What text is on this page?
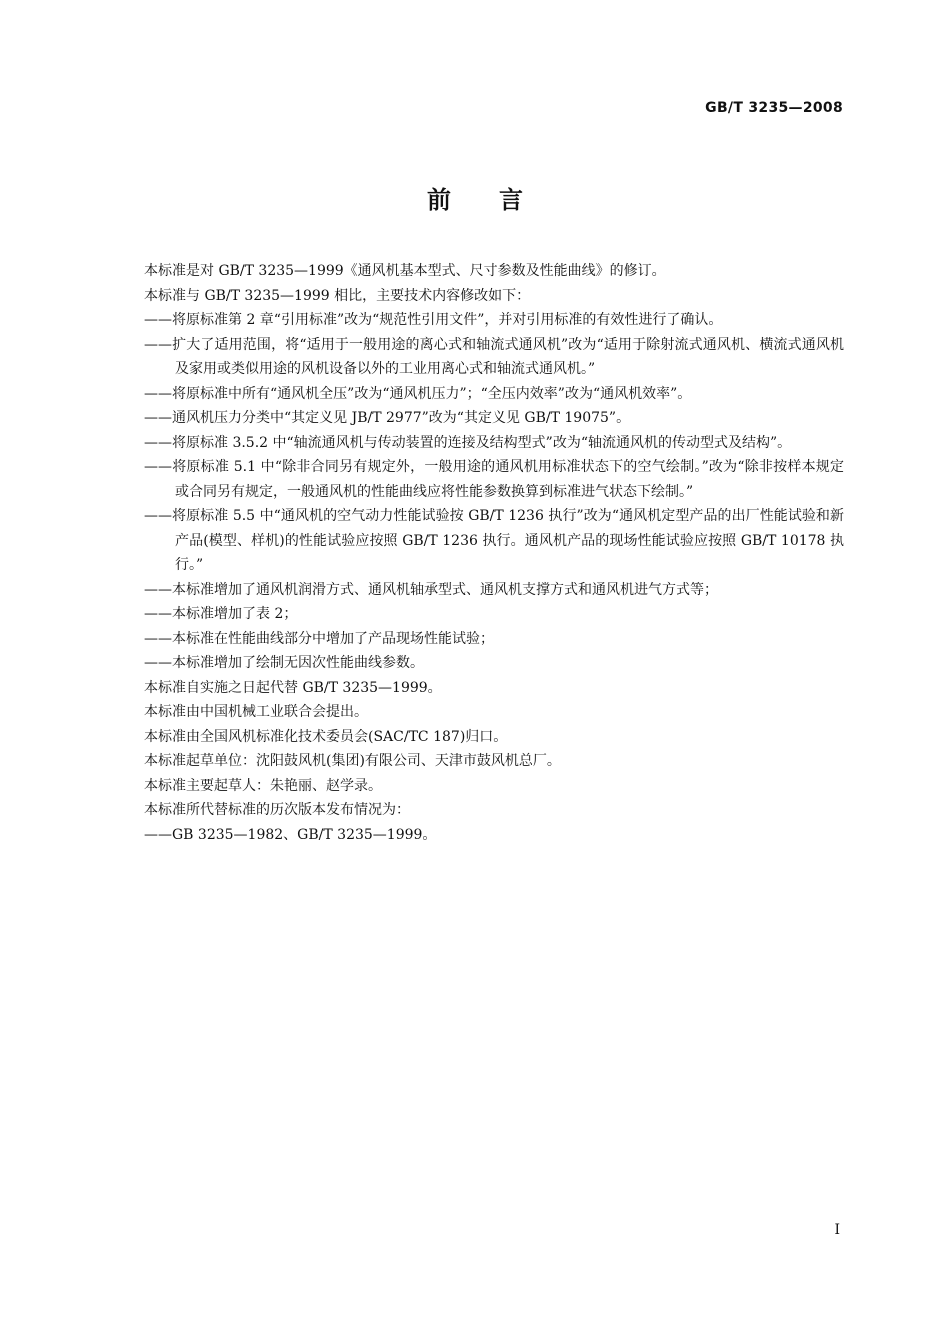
GB/T 3235—2008
前 言

本标准是对 GB/T 3235—1999《通风机基本型式、尺寸参数及性能曲线》的修订。

本标准与 GB/T 3235—1999 相比，主要技术内容修改如下：

——将原标准第 2 章“引用标准”改为“规范性引用文件”，并对引用标准的有效性进行了确认。

——扩大了适用范围，将“适用于一般用途的离心式和轴流式通风机”改为“适用于除射流式通风机、横流式通风机及家用或类似用途的风机设备以外的工业用离心式和轴流式通风机。”

——将原标准中所有“通风机全压”改为“通风机压力”；“全压内效率”改为“通风机效率”。

——通风机压力分类中“其定义见 JB/T 2977”改为“其定义见 GB/T 19075”。

——将原标准 3.5.2 中“轴流通风机与传动装置的连接及结构型式”改为“轴流通风机的传动型式及结构”。

——将原标准 5.1 中“除非合同另有规定外，一般用途的通风机用标准状态下的空气绘制。”改为“除非按样本规定或合同另有规定，一般通风机的性能曲线应将性能参数换算到标准进气状态下绘制。”

——将原标准 5.5 中“通风机的空气动力性能试验按 GB/T 1236 执行”改为“通风机定型产品的出厂性能试验和新产品(模型、样机)的性能试验应按照 GB/T 1236 执行。通风机产品的现场性能试验应按照 GB/T 10178 执行。”

——本标准增加了通风机润滑方式、通风机轴承型式、通风机支撑方式和通风机进气方式等；

——本标准增加了表 2；

——本标准在性能曲线部分中增加了产品现场性能试验；

——本标准增加了绘制无因次性能曲线参数。

本标准自实施之日起代替 GB/T 3235—1999。

本标准由中国机械工业联合会提出。

本标准由全国风机标准化技术委员会(SAC/TC 187)归口。

本标准起草单位：沈阳鼓风机(集团)有限公司、天津市鼓风机总厂。

本标准主要起草人：朱艳丽、赵学录。

本标准所代替标准的历次版本发布情况为：

——GB 3235—1982、GB/T 3235—1999。

I
